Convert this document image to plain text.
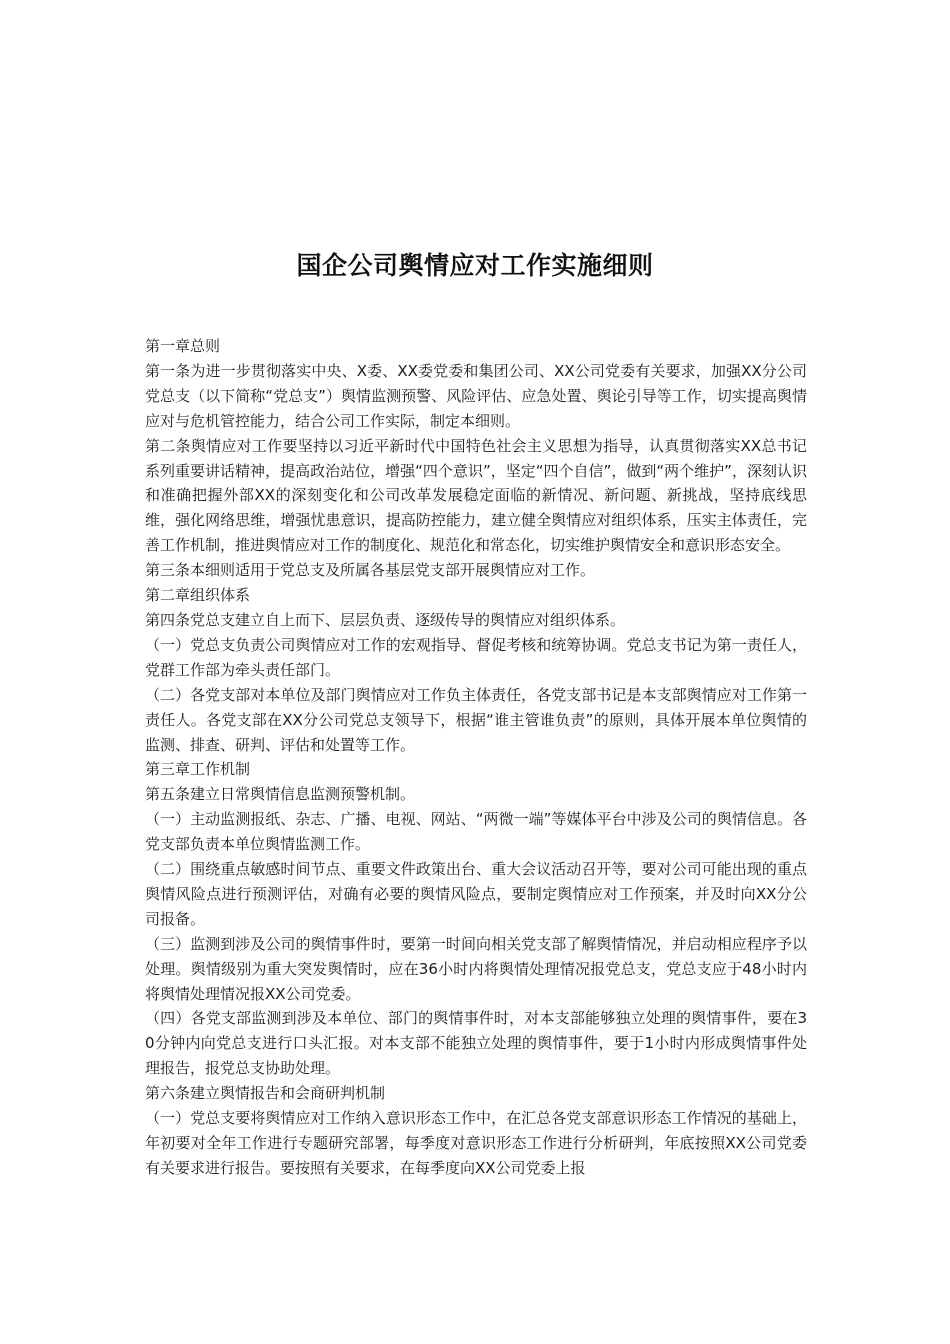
国企公司舆情应对工作实施细则

第一章总则

第一条为进一步贯彻落实中央、X委、XX委党委和集团公司、XX公司党委有关要求，加强XX分公司党总支（以下简称“党总支”）舆情监测预警、风险评估、应急处置、舆论引导等工作，切实提高舆情应对与危机管控能力，结合公司工作实际，制定本细则。

第二条舆情应对工作要坚持以习近平新时代中国特色社会主义思想为指导，认真贯彻落实XX总书记系列重要讲话精神，提高政治站位，增强“四个意识”，坚定“四个自信”，做到“两个维护”，深刻认识和准确把握外部XX的深刻变化和公司改革发展稳定面临的新情况、新问题、新挑战，坚持底线思维，强化网络思维，增强忧患意识，提高防控能力，建立健全舆情应对组织体系，压实主体责任，完善工作机制，推进舆情应对工作的制度化、规范化和常态化，切实维护舆情安全和意识形态安全。

第三条本细则适用于党总支及所属各基层党支部开展舆情应对工作。

第二章组织体系

第四条党总支建立自上而下、层层负责、逐级传导的舆情应对组织体系。

（一）党总支负责公司舆情应对工作的宏观指导、督促考核和统筹协调。党总支书记为第一责任人，党群工作部为牵头责任部门。

（二）各党支部对本单位及部门舆情应对工作负主体责任，各党支部书记是本支部舆情应对工作第一责任人。各党支部在XX分公司党总支领导下，根据“谁主管谁负责”的原则，具体开展本单位舆情的监测、排查、研判、评估和处置等工作。

第三章工作机制

第五条建立日常舆情信息监测预警机制。

（一）主动监测报纸、杂志、广播、电视、网站、“两微一端”等媒体平台中涉及公司的舆情信息。各党支部负责本单位舆情监测工作。

（二）围绕重点敏感时间节点、重要文件政策出台、重大会议活动召开等，要对公司可能出现的重点舆情风险点进行预测评估，对确有必要的舆情风险点，要制定舆情应对工作预案，并及时向XX分公司报备。

（三）监测到涉及公司的舆情事件时，要第一时间向相关党支部了解舆情情况，并启动相应程序予以处理。舆情级别为重大突发舆情时，应在36小时内将舆情处理情况报党总支，党总支应于48小时内将舆情处理情况报XX公司党委。

（四）各党支部监测到涉及本单位、部门的舆情事件时，对本支部能够独立处理的舆情事件，要在30分钟内向党总支进行口头汇报。对本支部不能独立处理的舆情事件，要于1小时内形成舆情事件处理报告，报党总支协助处理。

第六条建立舆情报告和会商研判机制

（一）党总支要将舆情应对工作纳入意识形态工作中，在汇总各党支部意识形态工作情况的基础上，年初要对全年工作进行专题研究部署，每季度对意识形态工作进行分析研判，年底按照XX公司党委有关要求进行报告。要按照有关要求，在每季度向XX公司党委上报
